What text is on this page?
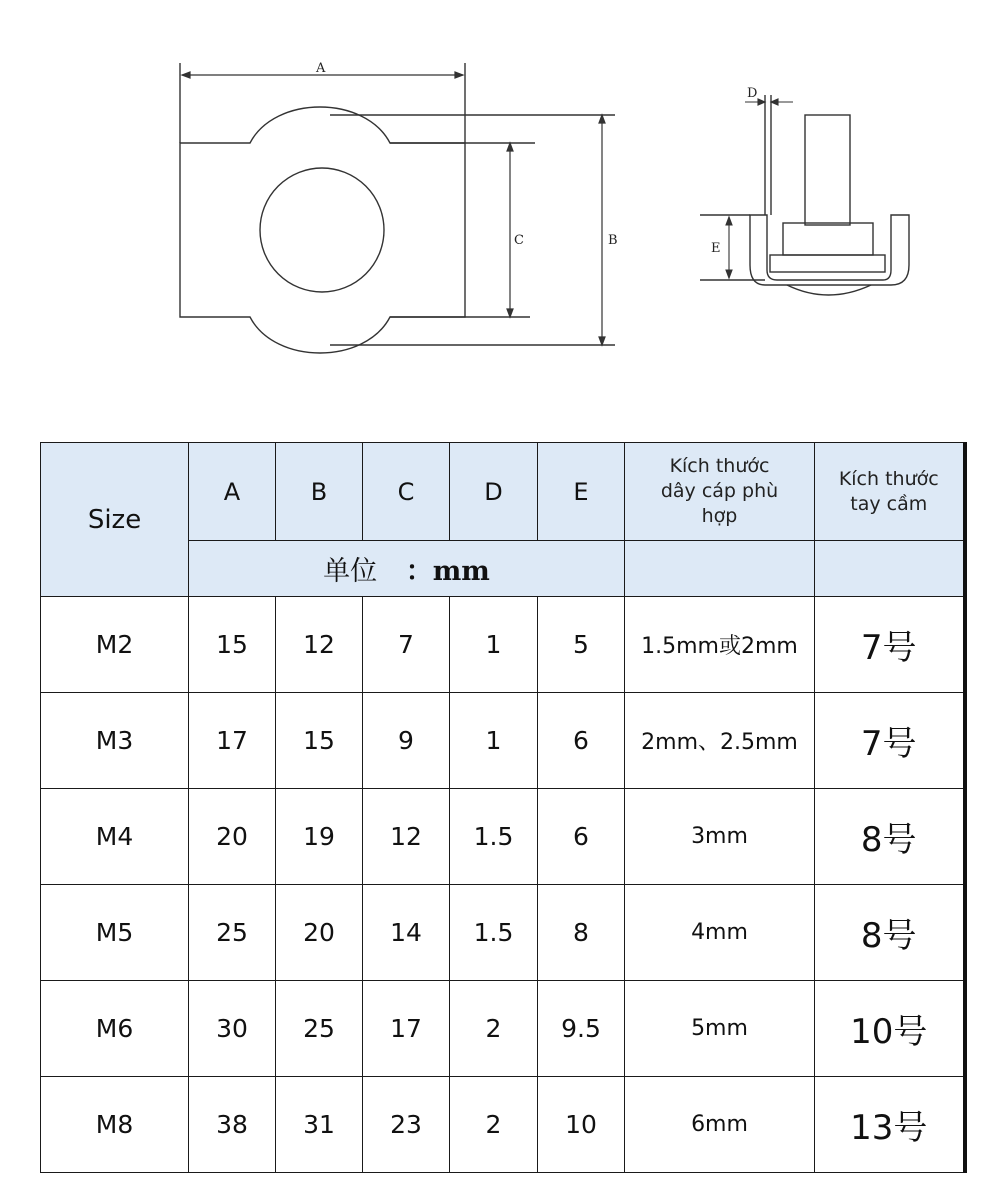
A
C	B
D
E
Size	A	B	C	D	E	Kích thước dây cáp phù hợp	Kích thước tay cầm
	单位 ：mm						
M2	15	12	7	1	5	1.5mm或2mm	7号
M3	17	15	9	1	6	2mm、2.5mm	7号
M4	20	19	12	1.5	6	3mm	8号
M5	25	20	14	1.5	8	4mm	8号
M6	30	25	17	2	9.5	5mm	10号
M8	38	31	23	2	10	6mm	13号
